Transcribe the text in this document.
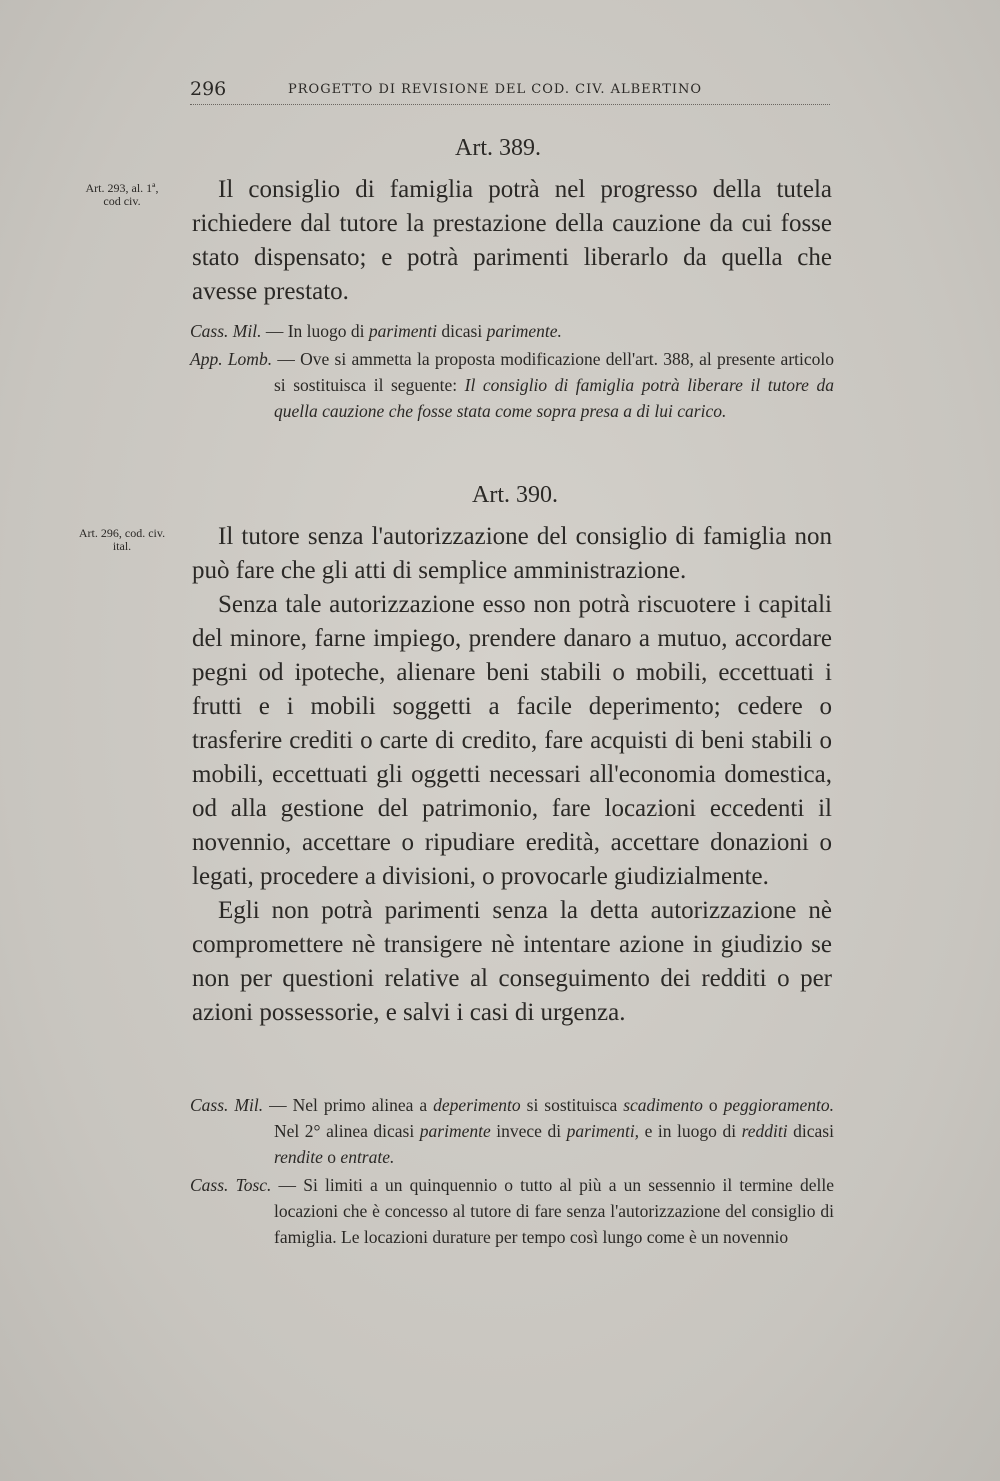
296	PROGETTO DI REVISIONE DEL COD. CIV. ALBERTINO
Art. 389.
Art. 293, al. 1ª,
cod civ.	Il consiglio di famiglia potrà nel progresso della tutela richiedere dal tutore la prestazione della cauzione da cui fosse stato dispensato; e potrà parimenti liberarlo da quella che avesse prestato.

Cass. Mil. — In luogo di parimenti dicasi parimente.

App. Lomb. — Ove si ammetta la proposta modificazione dell'art. 388, al presente articolo si sostituisca il seguente: Il consiglio di famiglia potrà liberare il tutore da quella cauzione che fosse stata come sopra presa a di lui carico.

Art. 390.
Art. 296, cod. civ.
ital.	Il tutore senza l'autorizzazione del consiglio di famiglia non può fare che gli atti di semplice amministrazione.

Senza tale autorizzazione esso non potrà riscuotere i capitali del minore, farne impiego, prendere danaro a mutuo, accordare pegni od ipoteche, alienare beni stabili o mobili, eccettuati i frutti e i mobili soggetti a facile deperimento; cedere o trasferire crediti o carte di credito, fare acquisti di beni stabili o mobili, eccettuati gli oggetti necessari all'economia domestica, od alla gestione del patrimonio, fare locazioni eccedenti il novennio, accettare o ripudiare eredità, accettare donazioni o legati, procedere a divisioni, o provocarle giudizialmente.

Egli non potrà parimenti senza la detta autorizzazione nè compromettere nè transigere nè intentare azione in giudizio se non per questioni relative al conseguimento dei redditi o per azioni possessorie, e salvi i casi di urgenza.

Cass. Mil. — Nel primo alinea a deperimento si sostituisca scadimento o peggioramento. Nel 2° alinea dicasi parimente invece di parimenti, e in luogo di redditi dicasi rendite o entrate.

Cass. Tosc. — Si limiti a un quinquennio o tutto al più a un sessennio il termine delle locazioni che è concesso al tutore di fare senza l'autorizzazione del consiglio di famiglia. Le locazioni durature per tempo così lungo come è un novennio
